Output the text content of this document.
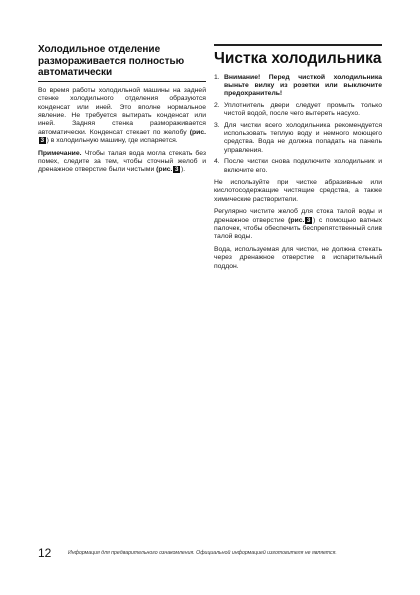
Холодильное отделение размораживается полностью автоматически

Во время работы холодильной машины на задней стенке холодильного отделения образуются конденсат или иней. Это вполне нормальное явление. Не требуется вытирать конденсат или иней. Задняя стенка размораживается автоматически. Конденсат стекает по желобу (рис.3 ) в холодильную машину, где испаряется.

Примечание. Чтобы талая вода могла стекать без помех, следите за тем, чтобы сточный желоб и дренажное отверстие были чистыми (рис. 3 ).

Чистка холодильника
1. Внимание! Перед чисткой холодильника выньте вилку из розетки или выключите предохранитель!
2. Уплотнитель двери следует промыть только чистой водой, после чего вытереть насухо.
3. Для чистки всего холодильника рекомендуется использовать теплую воду и немного моющего средства. Вода не должна попадать на панель управления.
4. После чистки снова подключите холодильник и включите его.

Не используйте при чистке абразивные или кислотосодержащие чистящие средства, а также химические растворители.

Регулярно чистите желоб для стока талой воды и дренажное отверстие (рис. 3 ) с помощью ватных палочек, чтобы обеспечить беспрепятственный слив талой воды.

Вода, используемая для чистки, не должна стекать через дренажное отверстие в испарительный поддон.

12	Информация для предварительного ознакомления. Официальной информацией изготовителя не является.
